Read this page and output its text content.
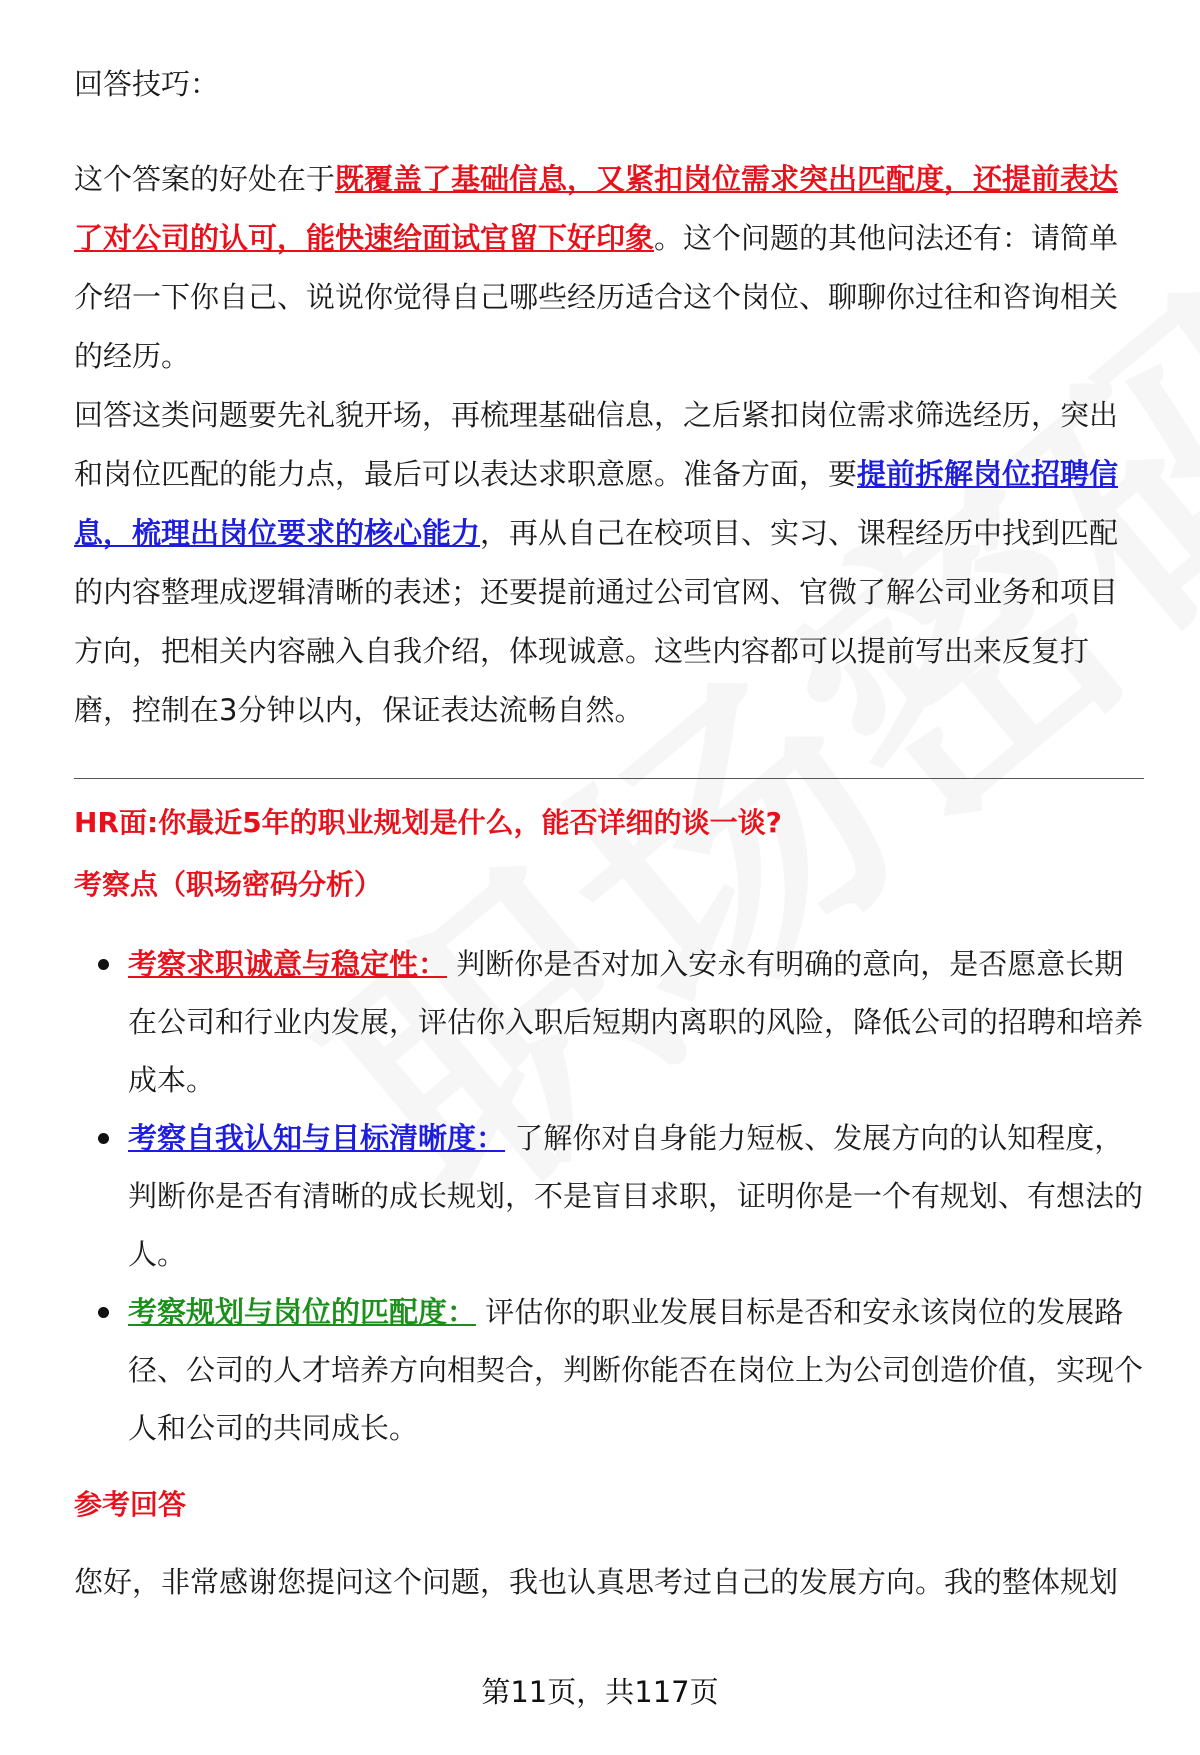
回答技巧：

这个答案的好处在于既覆盖了基础信息，又紧扣岗位需求突出匹配度，还提前表达了对公司的认可，能快速给面试官留下好印象。这个问题的其他问法还有：请简单介绍一下你自己、说说你觉得自己哪些经历适合这个岗位、聊聊你过往和咨询相关的经历。

回答这类问题要先礼貌开场，再梳理基础信息，之后紧扣岗位需求筛选经历，突出和岗位匹配的能力点，最后可以表达求职意愿。准备方面，要提前拆解岗位招聘信息，梳理出岗位要求的核心能力，再从自己在校项目、实习、课程经历中找到匹配的内容整理成逻辑清晰的表述；还要提前通过公司官网、官微了解公司业务和项目方向，把相关内容融入自我介绍，体现诚意。这些内容都可以提前写出来反复打磨，控制在3分钟以内，保证表达流畅自然。

HR面:你最近5年的职业规划是什么，能否详细的谈一谈?

考察点（职场密码分析）

考察求职诚意与稳定性： 判断你是否对加入安永有明确的意向，是否愿意长期在公司和行业内发展，评估你入职后短期内离职的风险，降低公司的招聘和培养成本。
考察自我认知与目标清晰度： 了解你对自身能力短板、发展方向的认知程度，判断你是否有清晰的成长规划，不是盲目求职，证明你是一个有规划、有想法的人。
考察规划与岗位的匹配度： 评估你的职业发展目标是否和安永该岗位的发展路径、公司的人才培养方向相契合，判断你能否在岗位上为公司创造价值，实现个人和公司的共同成长。

参考回答

您好，非常感谢您提问这个问题，我也认真思考过自己的发展方向。我的整体规划

第11页，共117页
